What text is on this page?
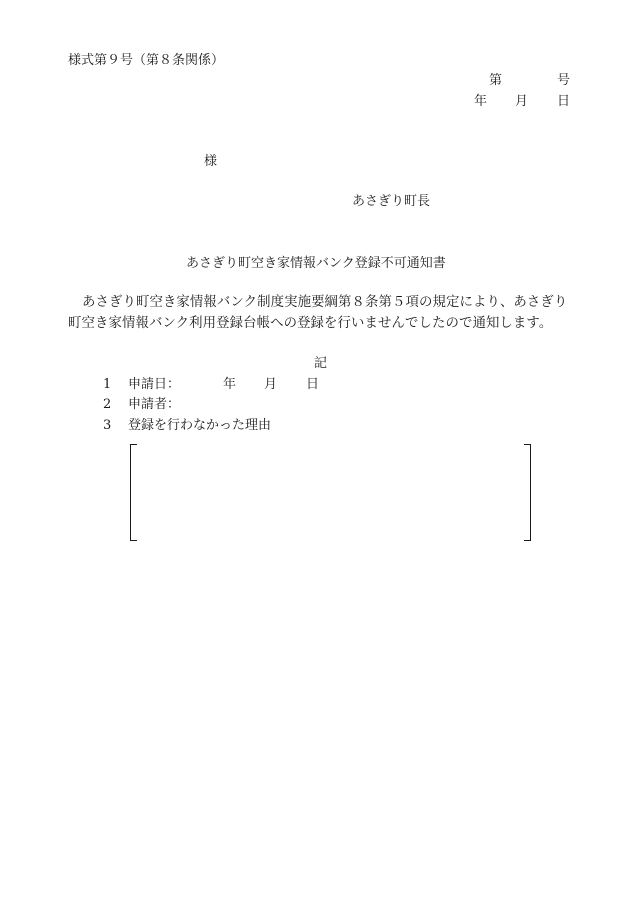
様式第９号（第８条関係）
第	号
年 月 日
様
あさぎり町長
あさぎり町空き家情報バンク登録不可通知書
あさぎり町空き家情報バンク制度実施要綱第８条第５項の規定により、あさぎり
町空き家情報バンク利用登録台帳への登録を行いませんでしたので通知します。
記
1 申請日：	年 月 日
2 申請者：
3 登録を行わなかった理由
